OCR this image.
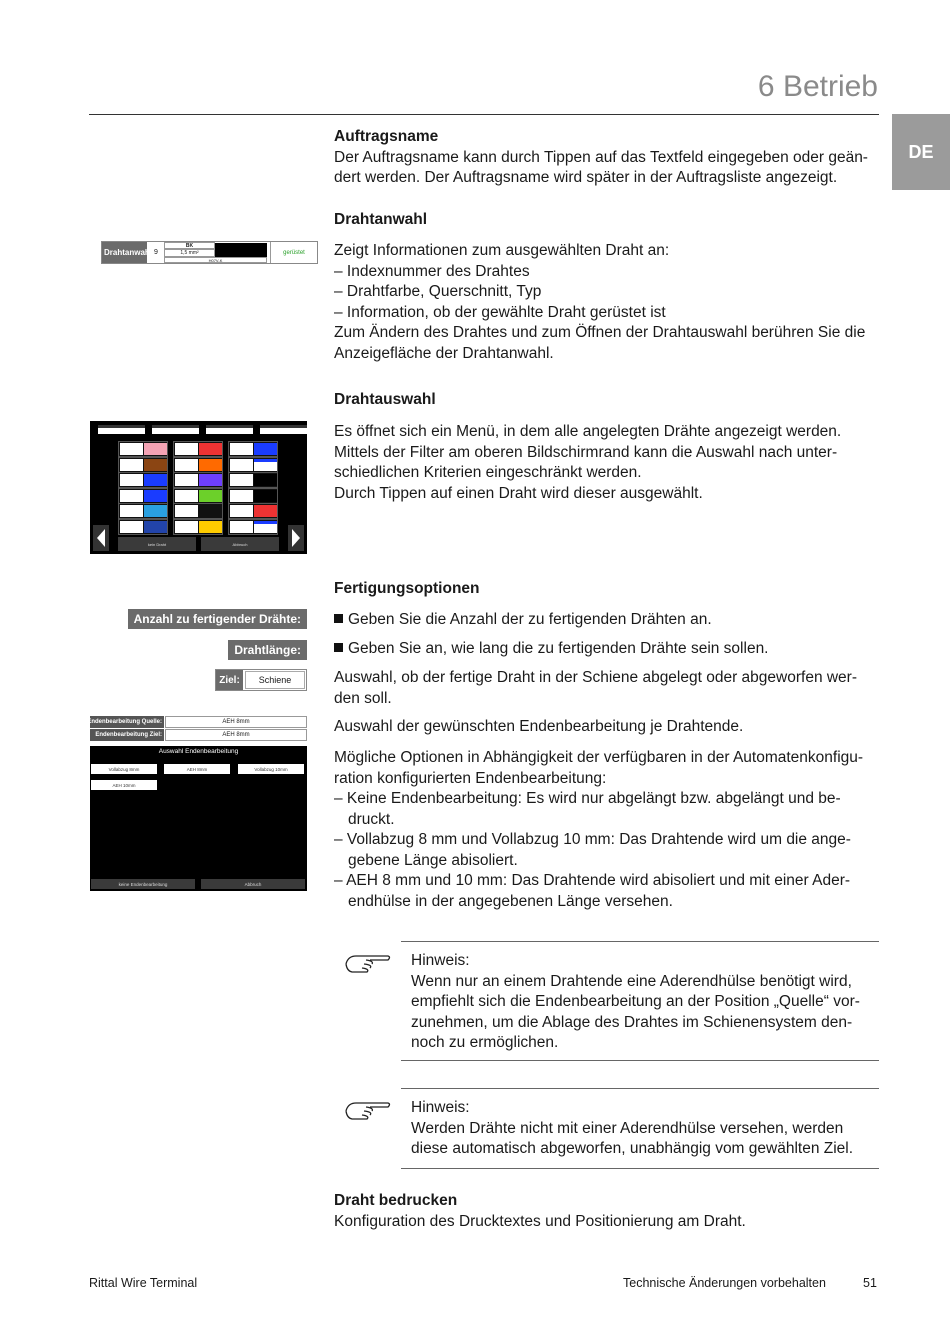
6 Betrieb
DE
Auftragsname
Der Auftragsname kann durch Tippen auf das Textfeld eingegeben oder geän-
dert werden. Der Auftragsname wird später in der Auftragsliste angezeigt.
Drahtanwahl
Zeigt Informationen zum ausgewählten Draht an:
– Indexnummer des Drahtes
– Drahtfarbe, Querschnitt, Typ
– Information, ob der gewählte Draht gerüstet ist
Zum Ändern des Drahtes und zum Öffnen der Drahtauswahl berühren Sie die
Anzeigefläche der Drahtanwahl.
Drahtanwahl: 9
BK
1,5 mm²
H07V-K
gerüstet
Drahtauswahl
Es öffnet sich ein Menü, in dem alle angelegten Drähte angezeigt werden.
Mittels der Filter am oberen Bildschirmrand kann die Auswahl nach unter-
schiedlichen Kriterien eingeschränkt werden.
Durch Tippen auf einen Draht wird dieser ausgewählt.
kein Draht	Abbruch
Fertigungsoptionen
Geben Sie die Anzahl der zu fertigenden Drähten an.
Geben Sie an, wie lang die zu fertigenden Drähte sein sollen.
Auswahl, ob der fertige Draht in der Schiene abgelegt oder abgeworfen wer-
den soll.
Auswahl der gewünschten Endenbearbeitung je Drahtende.
Mögliche Optionen in Abhängigkeit der verfügbaren in der Automatenkonfigu-
ration konfigurierten Endenbearbeitung:
– Keine Endenbearbeitung: Es wird nur abgelängt bzw. abgelängt und be-
druckt.
– Vollabzug 8 mm und Vollabzug 10 mm: Das Drahtende wird um die ange-
gebene Länge abisoliert.
– AEH 8 mm und 10 mm: Das Drahtende wird abisoliert und mit einer Ader-
endhülse in der angegebenen Länge versehen.
Anzahl zu fertigender Drähte:
Drahtlänge:
Ziel:	Schiene
Endenbearbeitung Quelle:	AEH 8mm
Endenbearbeitung Ziel:	AEH 8mm
Auswahl Endenbearbeitung
Vollabzug 8mm	AEH 8mm	Vollabzug 10mm
AEH 10mm
keine Endenbearbeitung	Abbruch
Hinweis:
Wenn nur an einem Drahtende eine Aderendhülse benötigt wird,
empfiehlt sich die Endenbearbeitung an der Position „Quelle“ vor-
zunehmen, um die Ablage des Drahtes im Schienensystem den-
noch zu ermöglichen.
Hinweis:
Werden Drähte nicht mit einer Aderendhülse versehen, werden
diese automatisch abgeworfen, unabhängig vom gewählten Ziel.
Draht bedrucken
Konfiguration des Drucktextes und Positionierung am Draht.
Rittal Wire Terminal	Technische Änderungen vorbehalten	51
